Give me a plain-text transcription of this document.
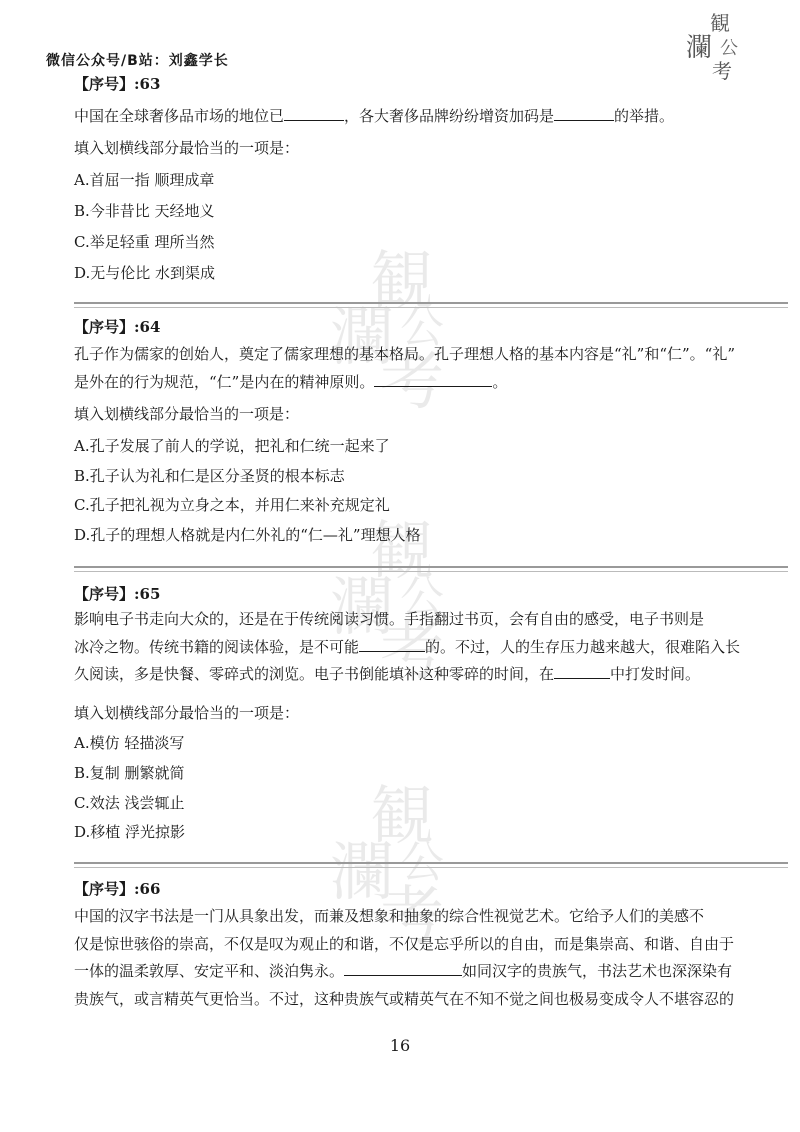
微信公众号/B站：刘鑫学长
観
瀾 公
考
観
瀾 公
考
観
瀾 公
考
観
瀾 公
考
【序号】:63
中国在全球奢侈品市场的地位已	，各大奢侈品牌纷纷增资加码是	的举措。
填入划横线部分最恰当的一项是：
A.首屈一指 顺理成章
B.今非昔比 天经地义
C.举足轻重 理所当然
D.无与伦比 水到渠成
【序号】:64
孔子作为儒家的创始人，奠定了儒家理想的基本格局。孔子理想人格的基本内容是“礼”和“仁”。“礼”
是外在的行为规范，“仁”是内在的精神原则。	。
填入划横线部分最恰当的一项是：
A.孔子发展了前人的学说，把礼和仁统一起来了
B.孔子认为礼和仁是区分圣贤的根本标志
C.孔子把礼视为立身之本，并用仁来补充规定礼
D.孔子的理想人格就是内仁外礼的“仁—礼”理想人格
【序号】:65
影响电子书走向大众的，还是在于传统阅读习惯。手指翻过书页，会有自由的感受，电子书则是
冰冷之物。传统书籍的阅读体验，是不可能	的。不过，人的生存压力越来越大，很难陷入长
久阅读，多是快餐、零碎式的浏览。电子书倒能填补这种零碎的时间，在	中打发时间。
填入划横线部分最恰当的一项是：
A.模仿 轻描淡写
B.复制 删繁就简
C.效法 浅尝辄止
D.移植 浮光掠影
【序号】:66
中国的汉字书法是一门从具象出发，而兼及想象和抽象的综合性视觉艺术。它给予人们的美感不
仅是惊世骇俗的崇高，不仅是叹为观止的和谐，不仅是忘乎所以的自由，而是集崇高、和谐、自由于
一体的温柔敦厚、安定平和、淡泊隽永。	如同汉字的贵族气，书法艺术也深深染有
贵族气，或言精英气更恰当。不过，这种贵族气或精英气在不知不觉之间也极易变成令人不堪容忍的
16
